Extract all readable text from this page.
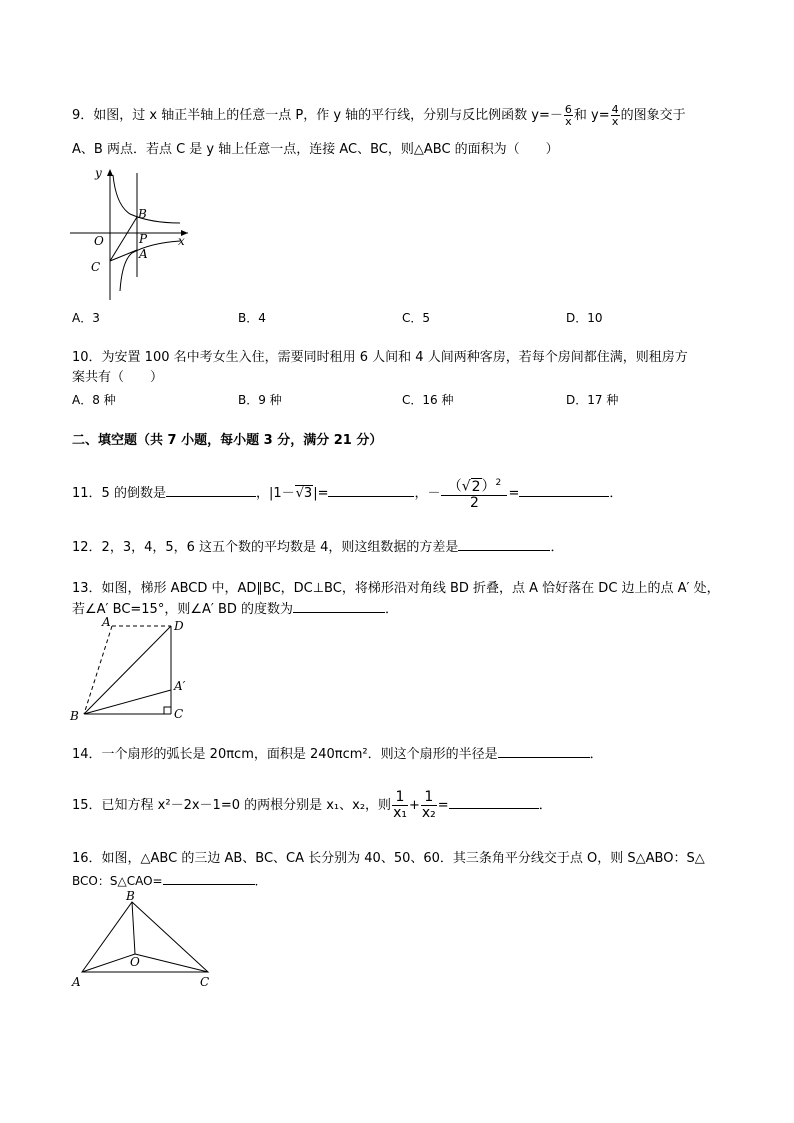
9．如图，过 x 轴正半轴上的任意一点 P，作 y 轴的平行线，分别与反比例函数 $y=- \frac{6}{x}$ 和 $y= \frac{4}{x}$ 的图象交于
A、B 两点．若点 C 是 y 轴上任意一点，连接 AC、BC，则△ABC 的面积为（　　）
y
x
O
B
P
A
C
A．3	B．4	C．5	D．10
10．为安置 100 名中考女生入住，需要同时租用 6 人间和 4 人间两种客房，若每个房间都住满，则租房方
案共有（　　）
A．8 种	B．9 种	C．16 种	D．17 种
二、填空题（共 7 小题，每小题 3 分，满分 21 分）
11．5 的倒数是	，|1－√3|=	，－ $\frac{(√2)^2}{2}$ =	．
12．2，3，4，5，6 这五个数的平均数是 4，则这组数据的方差是	．
13．如图，梯形 ABCD 中，AD∥BC，DC⊥BC，将梯形沿对角线 BD 折叠，点 A 恰好落在 DC 边上的点 A′ 处，
若∠A′ BC=15°，则∠A′ BD 的度数为	．
A	D
A′
B	C
14．一个扇形的弧长是 20πcm，面积是 240πcm²．则这个扇形的半径是	．
15．已知方程 x²－2x－1=0 的两根分别是 x₁、x₂，则 $\frac{1}{\text{x₁}} + \frac{1}{\text{x₂}}$ =	．
16．如图，△ABC 的三边 AB、BC、CA 长分别为 40、50、60．其三条角平分线交于点 O，则 S△ABO：S△
BCO：S△CAO=	．
B
O
A	C
